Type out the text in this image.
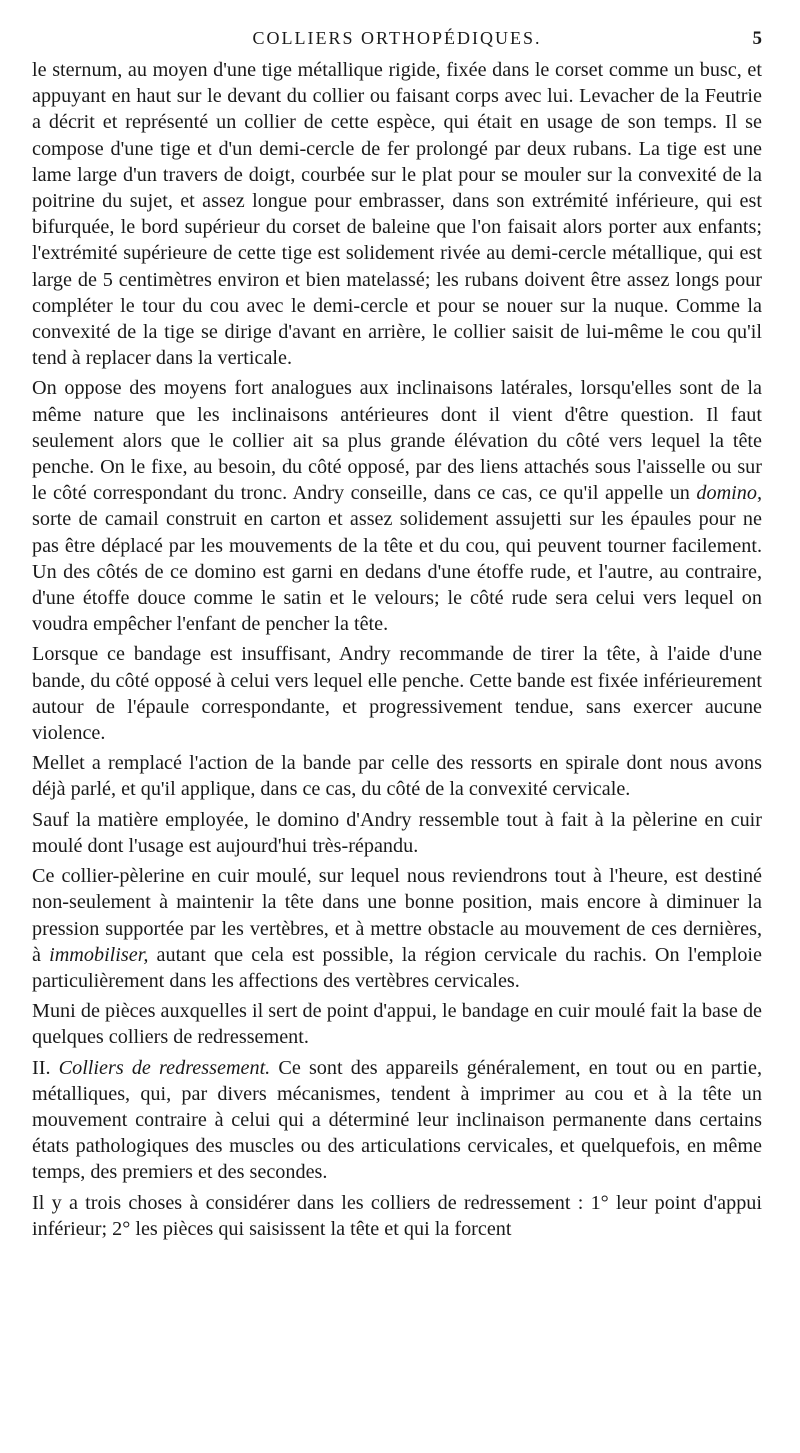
COLLIERS ORTHOPÉDIQUES.	5

le sternum, au moyen d'une tige métallique rigide, fixée dans le corset comme un busc, et appuyant en haut sur le devant du collier ou faisant corps avec lui. Levacher de la Feutrie a décrit et représenté un collier de cette espèce, qui était en usage de son temps. Il se compose d'une tige et d'un demi-cercle de fer prolongé par deux rubans. La tige est une lame large d'un travers de doigt, courbée sur le plat pour se mouler sur la convexité de la poitrine du sujet, et assez longue pour embrasser, dans son extrémité inférieure, qui est bifurquée, le bord supérieur du corset de baleine que l'on faisait alors porter aux enfants; l'extrémité supérieure de cette tige est solidement rivée au demi-cercle métallique, qui est large de 5 centimètres environ et bien matelassé; les rubans doivent être assez longs pour compléter le tour du cou avec le demi-cercle et pour se nouer sur la nuque. Comme la convexité de la tige se dirige d'avant en arrière, le collier saisit de lui-même le cou qu'il tend à replacer dans la verticale.

On oppose des moyens fort analogues aux inclinaisons latérales, lorsqu'elles sont de la même nature que les inclinaisons antérieures dont il vient d'être question. Il faut seulement alors que le collier ait sa plus grande élévation du côté vers lequel la tête penche. On le fixe, au besoin, du côté opposé, par des liens attachés sous l'aisselle ou sur le côté correspondant du tronc. Andry conseille, dans ce cas, ce qu'il appelle un domino, sorte de camail construit en carton et assez solidement assujetti sur les épaules pour ne pas être déplacé par les mouvements de la tête et du cou, qui peuvent tourner facilement. Un des côtés de ce domino est garni en dedans d'une étoffe rude, et l'autre, au contraire, d'une étoffe douce comme le satin et le velours; le côté rude sera celui vers lequel on voudra empêcher l'enfant de pencher la tête.

Lorsque ce bandage est insuffisant, Andry recommande de tirer la tête, à l'aide d'une bande, du côté opposé à celui vers lequel elle penche. Cette bande est fixée inférieurement autour de l'épaule correspondante, et progressivement tendue, sans exercer aucune violence.

Mellet a remplacé l'action de la bande par celle des ressorts en spirale dont nous avons déjà parlé, et qu'il applique, dans ce cas, du côté de la convexité cervicale.

Sauf la matière employée, le domino d'Andry ressemble tout à fait à la pèlerine en cuir moulé dont l'usage est aujourd'hui très-répandu.

Ce collier-pèlerine en cuir moulé, sur lequel nous reviendrons tout à l'heure, est destiné non-seulement à maintenir la tête dans une bonne position, mais encore à diminuer la pression supportée par les vertèbres, et à mettre obstacle au mouvement de ces dernières, à immobiliser, autant que cela est possible, la région cervicale du rachis. On l'emploie particulièrement dans les affections des vertèbres cervicales.

Muni de pièces auxquelles il sert de point d'appui, le bandage en cuir moulé fait la base de quelques colliers de redressement.

II. Colliers de redressement. Ce sont des appareils généralement, en tout ou en partie, métalliques, qui, par divers mécanismes, tendent à imprimer au cou et à la tête un mouvement contraire à celui qui a déterminé leur inclinaison permanente dans certains états pathologiques des muscles ou des articulations cervicales, et quelquefois, en même temps, des premiers et des secondes.

Il y a trois choses à considérer dans les colliers de redressement : 1° leur point d'appui inférieur; 2° les pièces qui saisissent la tête et qui la forcent
